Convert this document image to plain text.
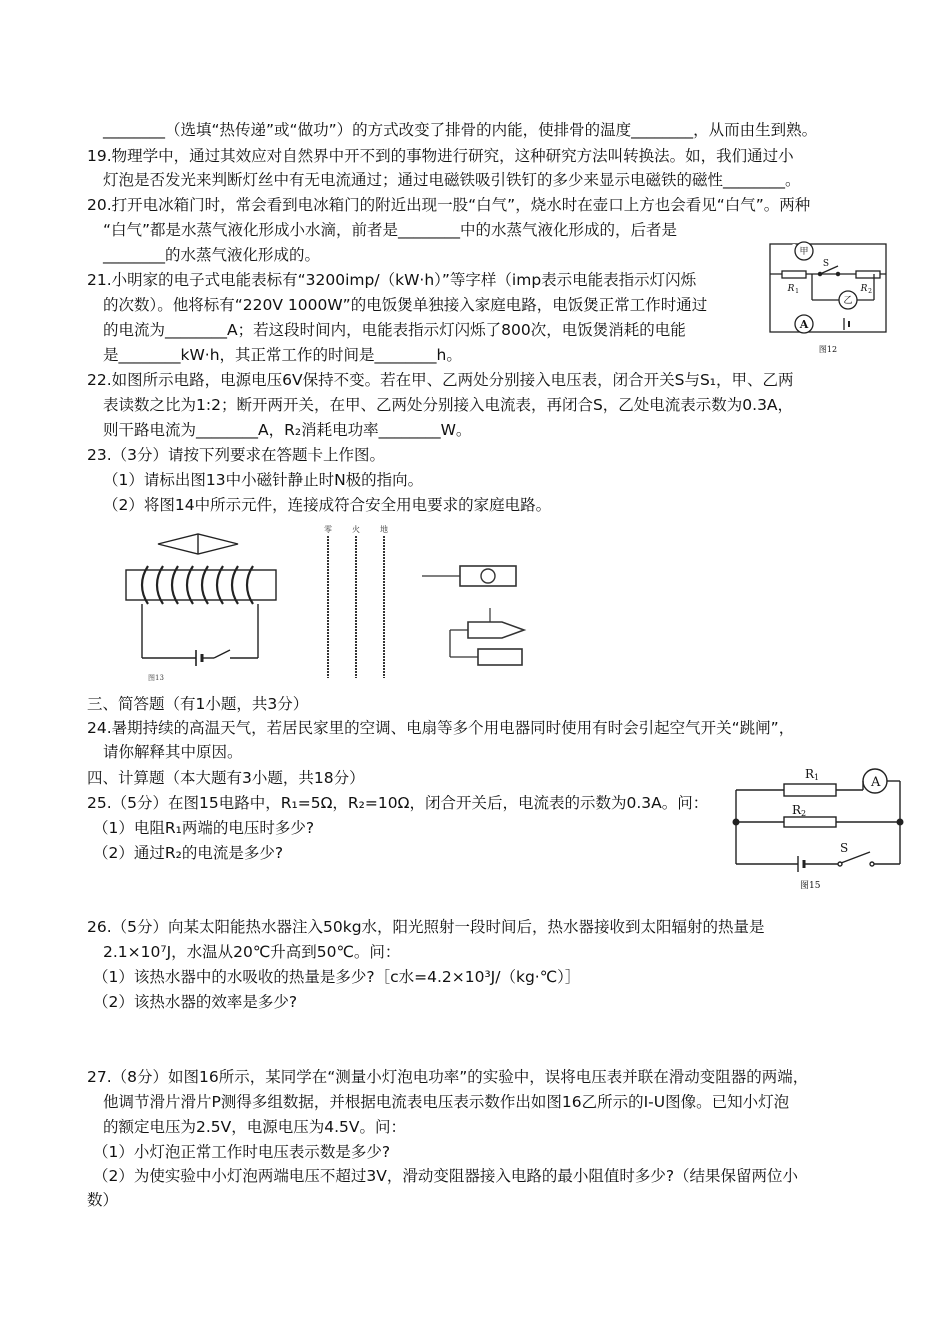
________（选填“热传递”或“做功”）的方式改变了排骨的内能，使排骨的温度________，从而由生到熟。
19.物理学中，通过其效应对自然界中开不到的事物进行研究，这种研究方法叫转换法。如，我们通过小
灯泡是否发光来判断灯丝中有无电流通过；通过电磁铁吸引铁钉的多少来显示电磁铁的磁性________。
20.打开电冰箱门时，常会看到电冰箱门的附近出现一股“白气”，烧水时在壶口上方也会看见“白气”。两种
“白气”都是水蒸气液化形成小水滴，前者是________中的水蒸气液化形成的，后者是
________的水蒸气液化形成的。
21.小明家的电子式电能表标有“3200imp/（kW·h）”等字样（imp表示电能表指示灯闪烁
的次数）。他将标有“220V 1000W”的电饭煲单独接入家庭电路，电饭煲正常工作时通过
的电流为________A；若这段时间内，电能表指示灯闪烁了800次，电饭煲消耗的电能
是________kW·h，其正常工作的时间是________h。
22.如图所示电路，电源电压6V保持不变。若在甲、乙两处分别接入电压表，闭合开关S与S₁，甲、乙两
表读数之比为1:2；断开两开关，在甲、乙两处分别接入电流表，再闭合S，乙处电流表示数为0.3A，
则干路电流为________A，R₂消耗电功率________W。
23.（3分）请按下列要求在答题卡上作图。
（1）请标出图13中小磁针静止时N极的指向。
（2）将图14中所示元件，连接成符合安全用电要求的家庭电路。
三、简答题（有1小题，共3分）
24.暑期持续的高温天气，若居民家里的空调、电扇等多个用电器同时使用有时会引起空气开关“跳闸”，
请你解释其中原因。
四、计算题（本大题有3小题，共18分）
25.（5分）在图15电路中，R₁=5Ω，R₂=10Ω，闭合开关后，电流表的示数为0.3A。问：
（1）电阻R₁两端的电压时多少?
（2）通过R₂的电流是多少?
26.（5分）向某太阳能热水器注入50kg水，阳光照射一段时间后，热水器接收到太阳辐射的热量是
2.1×10⁷J，水温从20℃升高到50℃。问：
（1）该热水器中的水吸收的热量是多少?［c水=4.2×10³J/（kg·℃）］
（2）该热水器的效率是多少?
27.（8分）如图16所示，某同学在“测量小灯泡电功率”的实验中，误将电压表并联在滑动变阻器的两端，
他调节滑片滑片P测得多组数据，并根据电流表电压表示数作出如图16乙所示的I-U图像。已知小灯泡
的额定电压为2.5V，电源电压为4.5V。问：
（1）小灯泡正常工作时电压表示数是多少?
（2）为使实验中小灯泡两端电压不超过3V，滑动变阻器接入电路的最小阻值时多少?（结果保留两位小
数）
甲
乙
S
R 1	R 2
A
图12
图13
零	火	地
A
R 1
R 2
S
图15
